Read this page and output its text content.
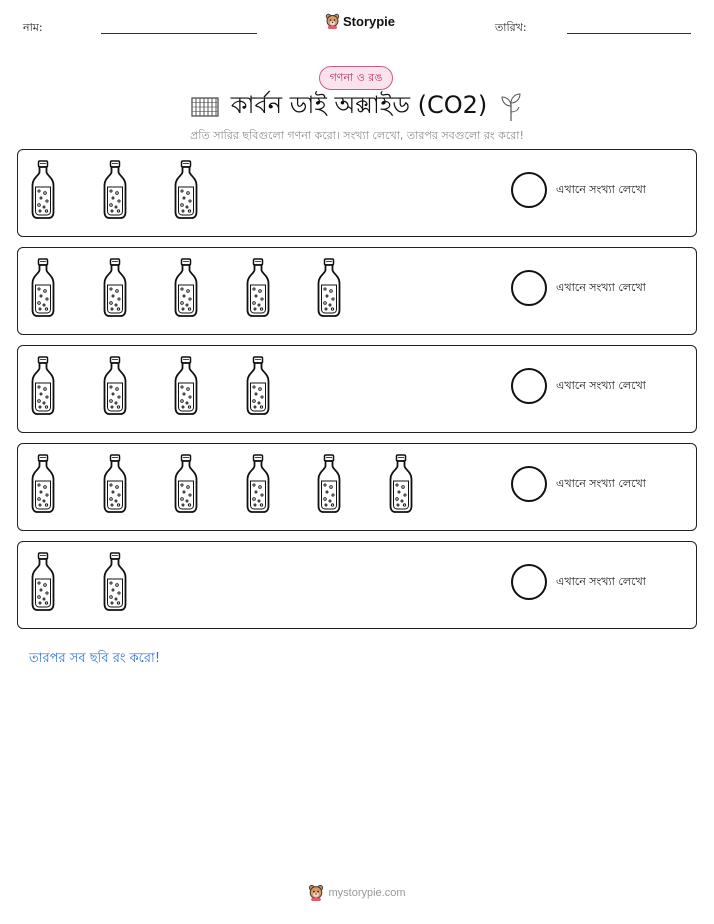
নাম:	Storypie	তারিখ:
গণনা ও রঙ
কার্বন ডাই অক্সাইড (CO2)
প্রতি সারির ছবিগুলো গণনা করো। সংখ্যা লেখো, তারপর সবগুলো রং করো!
এখানে সংখ্যা লেখো
এখানে সংখ্যা লেখো
এখানে সংখ্যা লেখো
এখানে সংখ্যা লেখো
এখানে সংখ্যা লেখো
তারপর সব ছবি রং করো!
mystorypie.com
